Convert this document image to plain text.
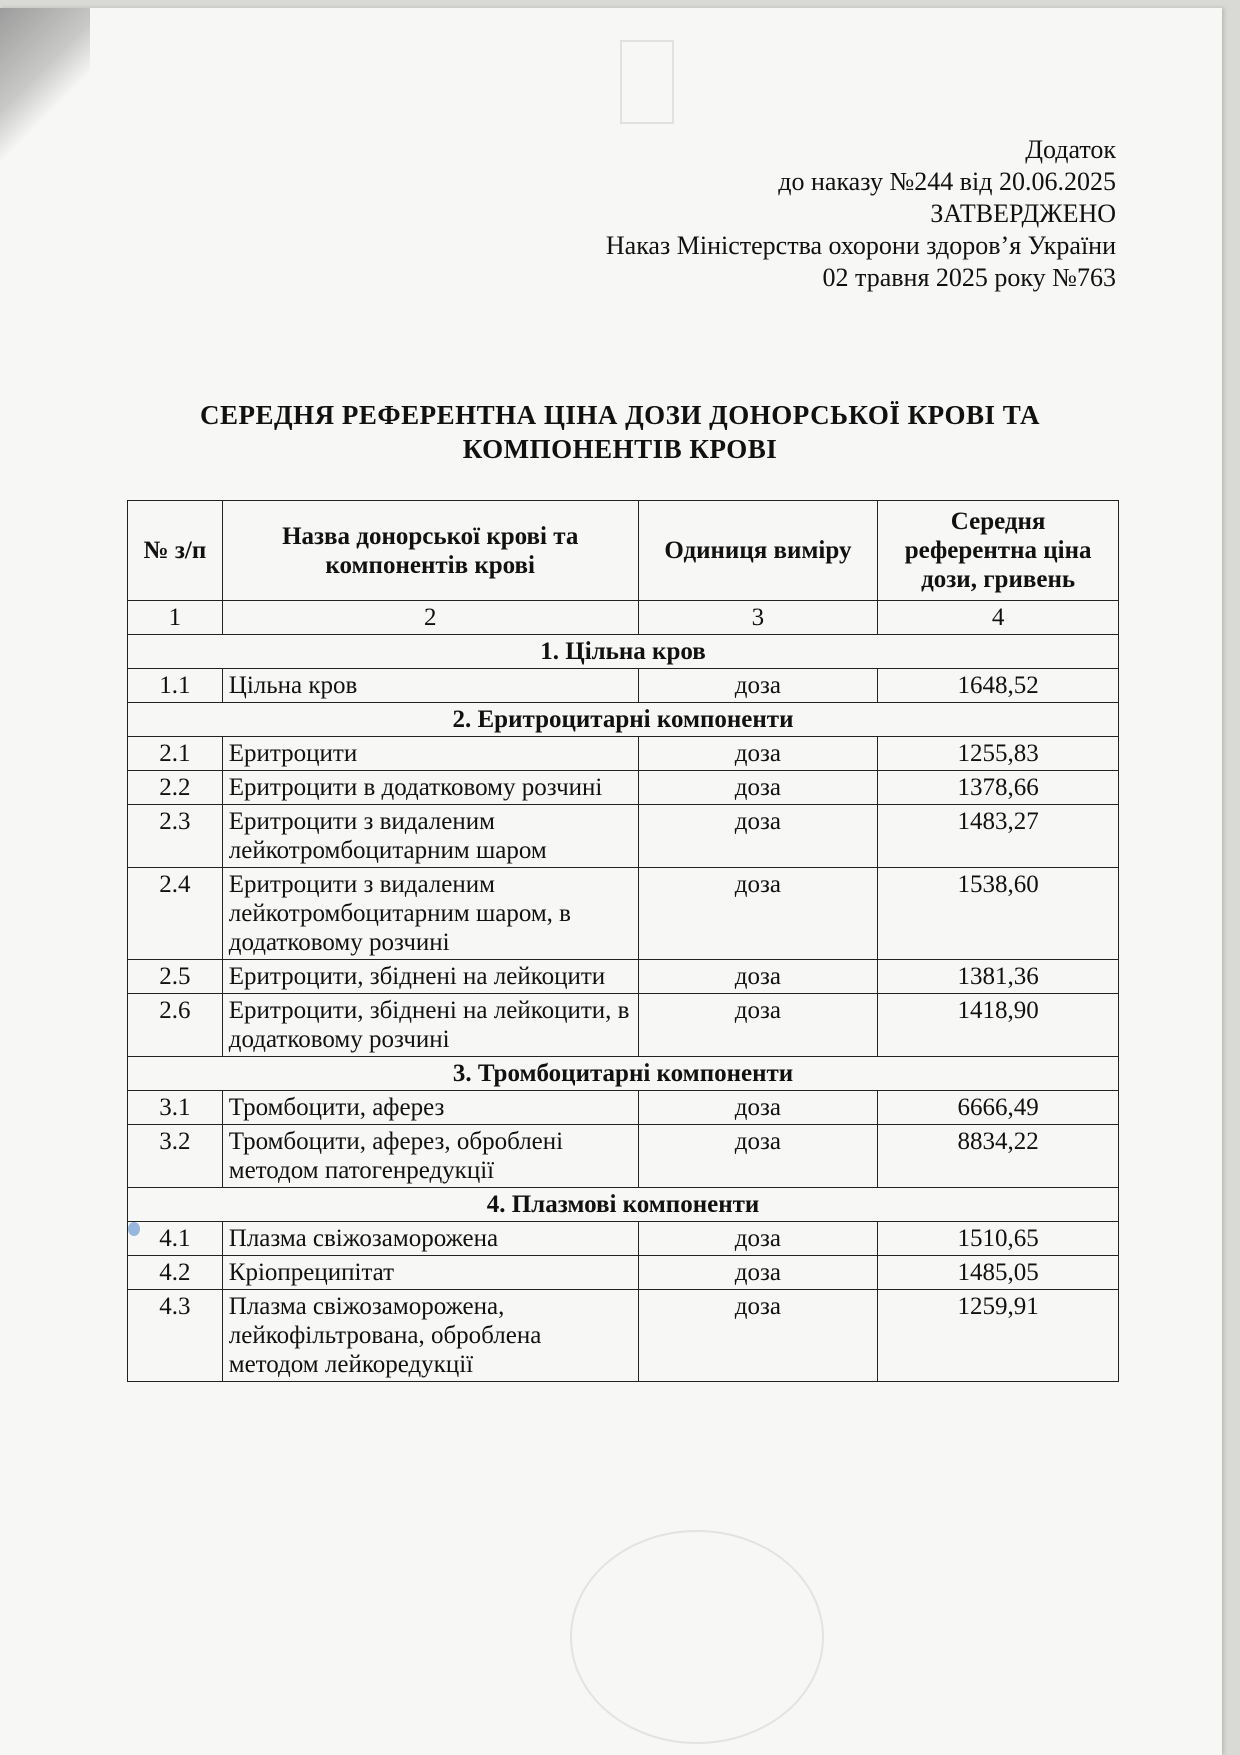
Додаток
до наказу №244 від 20.06.2025
ЗАТВЕРДЖЕНО
Наказ Міністерства охорони здоров’я України
02 травня 2025 року №763
СЕРЕДНЯ РЕФЕРЕНТНА ЦІНА ДОЗИ ДОНОРСЬКОЇ КРОВІ ТА
КОМПОНЕНТІВ КРОВІ
№ з/п	Назва донорської крові та компонентів крові	Одиниця виміру	Середня референтна ціна дози, гривень
1	2	3	4
1. Цільна кров			
1.1	Цільна кров	доза	1648,52
2. Еритроцитарні компоненти			
2.1	Еритроцити	доза	1255,83
2.2	Еритроцити в додатковому розчині	доза	1378,66
2.3	Еритроцити з видаленим лейкотромбоцитарним шаром	доза	1483,27
2.4	Еритроцити з видаленим лейкотромбоцитарним шаром, в додатковому розчині	доза	1538,60
2.5	Еритроцити, збіднені на лейкоцити	доза	1381,36
2.6	Еритроцити, збіднені на лейкоцити, в додатковому розчині	доза	1418,90
3. Тромбоцитарні компоненти			
3.1	Тромбоцити, аферез	доза	6666,49
3.2	Тромбоцити, аферез, оброблені методом патогенредукції	доза	8834,22
4. Плазмові компоненти			
4.1	Плазма свіжозаморожена	доза	1510,65
4.2	Кріопреципітат	доза	1485,05
4.3	Плазма свіжозаморожена, лейкофільтрована, оброблена методом лейкоредукції	доза	1259,91
